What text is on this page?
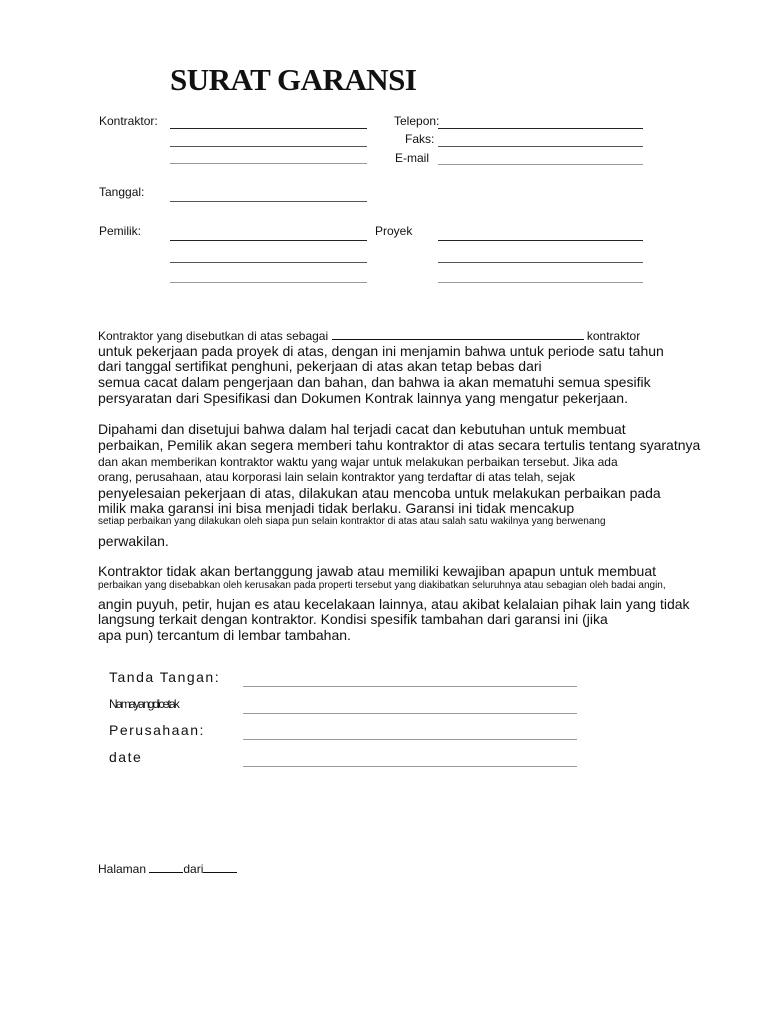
SURAT GARANSI
Kontraktor:	Telepon:
Faks:
E-mail
Tanggal:
Pemilik:	Proyek
Kontraktor yang disebutkan di atas sebagai	kontraktor
untuk pekerjaan pada proyek di atas, dengan ini menjamin bahwa untuk periode satu tahun
dari tanggal sertifikat penghuni, pekerjaan di atas akan tetap bebas dari
semua cacat dalam pengerjaan dan bahan, dan bahwa ia akan mematuhi semua spesifik
persyaratan dari Spesifikasi dan Dokumen Kontrak lainnya yang mengatur pekerjaan.
Dipahami dan disetujui bahwa dalam hal terjadi cacat dan kebutuhan untuk membuat
perbaikan, Pemilik akan segera memberi tahu kontraktor di atas secara tertulis tentang syaratnya
dan akan memberikan kontraktor waktu yang wajar untuk melakukan perbaikan tersebut. Jika ada
orang, perusahaan, atau korporasi lain selain kontraktor yang terdaftar di atas telah, sejak
penyelesaian pekerjaan di atas, dilakukan atau mencoba untuk melakukan perbaikan pada
milik maka garansi ini bisa menjadi tidak berlaku. Garansi ini tidak mencakup
setiap perbaikan yang dilakukan oleh siapa pun selain kontraktor di atas atau salah satu wakilnya yang berwenang
perwakilan.
Kontraktor tidak akan bertanggung jawab atau memiliki kewajiban apapun untuk membuat
perbaikan yang disebabkan oleh kerusakan pada properti tersebut yang diakibatkan seluruhnya atau sebagian oleh badai angin,
angin puyuh, petir, hujan es atau kecelakaan lainnya, atau akibat kelalaian pihak lain yang tidak
langsung terkait dengan kontraktor. Kondisi spesifik tambahan dari garansi ini (jika
apa pun) tercantum di lembar tambahan.
Tanda Tangan:
Namayangdicetak
Perusahaan:
date
Halaman	dari
